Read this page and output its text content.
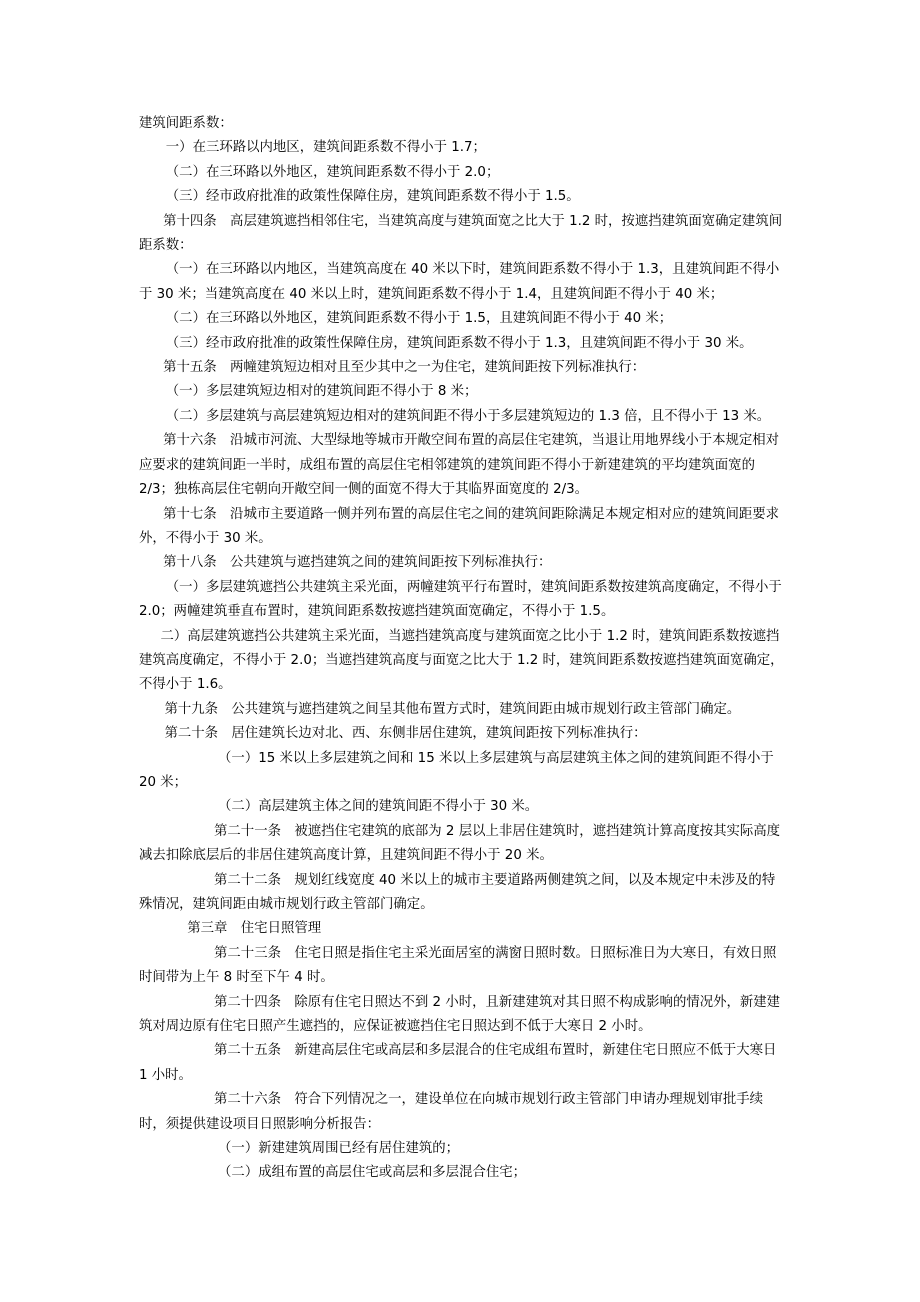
建筑间距系数：

一）在三环路以内地区，建筑间距系数不得小于 1.7；

（二）在三环路以外地区，建筑间距系数不得小于 2.0；

（三）经市政府批准的政策性保障住房，建筑间距系数不得小于 1.5。

第十四条　高层建筑遮挡相邻住宅，当建筑高度与建筑面宽之比大于 1.2 时，按遮挡建筑面宽确定建筑间距系数：

（一）在三环路以内地区，当建筑高度在 40 米以下时，建筑间距系数不得小于 1.3，且建筑间距不得小于 30 米；当建筑高度在 40 米以上时，建筑间距系数不得小于 1.4，且建筑间距不得小于 40 米；

（二）在三环路以外地区，建筑间距系数不得小于 1.5，且建筑间距不得小于 40 米；

（三）经市政府批准的政策性保障住房，建筑间距系数不得小于 1.3，且建筑间距不得小于 30 米。

第十五条　两幢建筑短边相对且至少其中之一为住宅，建筑间距按下列标准执行：

（一）多层建筑短边相对的建筑间距不得小于 8 米；

（二）多层建筑与高层建筑短边相对的建筑间距不得小于多层建筑短边的 1.3 倍，且不得小于 13 米。

第十六条　沿城市河流、大型绿地等城市开敞空间布置的高层住宅建筑，当退让用地界线小于本规定相对应要求的建筑间距一半时，成组布置的高层住宅相邻建筑的建筑间距不得小于新建建筑的平均建筑面宽的 2/3；独栋高层住宅朝向开敞空间一侧的面宽不得大于其临界面宽度的 2/3。

第十七条　沿城市主要道路一侧并列布置的高层住宅之间的建筑间距除满足本规定相对应的建筑间距要求外，不得小于 30 米。

第十八条　公共建筑与遮挡建筑之间的建筑间距按下列标准执行：

（一）多层建筑遮挡公共建筑主采光面，两幢建筑平行布置时，建筑间距系数按建筑高度确定，不得小于 2.0；两幢建筑垂直布置时，建筑间距系数按遮挡建筑面宽确定，不得小于 1.5。

二）高层建筑遮挡公共建筑主采光面，当遮挡建筑高度与建筑面宽之比小于 1.2 时，建筑间距系数按遮挡建筑高度确定，不得小于 2.0；当遮挡建筑高度与面宽之比大于 1.2 时，建筑间距系数按遮挡建筑面宽确定，不得小于 1.6。

第十九条　公共建筑与遮挡建筑之间呈其他布置方式时，建筑间距由城市规划行政主管部门确定。

第二十条　居住建筑长边对北、西、东侧非居住建筑，建筑间距按下列标准执行：

（一）15 米以上多层建筑之间和 15 米以上多层建筑与高层建筑主体之间的建筑间距不得小于 20 米；

（二）高层建筑主体之间的建筑间距不得小于 30 米。

第二十一条　被遮挡住宅建筑的底部为 2 层以上非居住建筑时，遮挡建筑计算高度按其实际高度减去扣除底层后的非居住建筑高度计算，且建筑间距不得小于 20 米。

第二十二条　规划红线宽度 40 米以上的城市主要道路两侧建筑之间，以及本规定中未涉及的特殊情况，建筑间距由城市规划行政主管部门确定。

第三章　住宅日照管理

第二十三条　住宅日照是指住宅主采光面居室的满窗日照时数。日照标准日为大寒日，有效日照时间带为上午 8 时至下午 4 时。

第二十四条　除原有住宅日照达不到 2 小时，且新建建筑对其日照不构成影响的情况外，新建建筑对周边原有住宅日照产生遮挡的，应保证被遮挡住宅日照达到不低于大寒日 2 小时。

第二十五条　新建高层住宅或高层和多层混合的住宅成组布置时，新建住宅日照应不低于大寒日 1 小时。

第二十六条　符合下列情况之一，建设单位在向城市规划行政主管部门申请办理规划审批手续时，须提供建设项目日照影响分析报告：

（一）新建建筑周围已经有居住建筑的；

（二）成组布置的高层住宅或高层和多层混合住宅；
